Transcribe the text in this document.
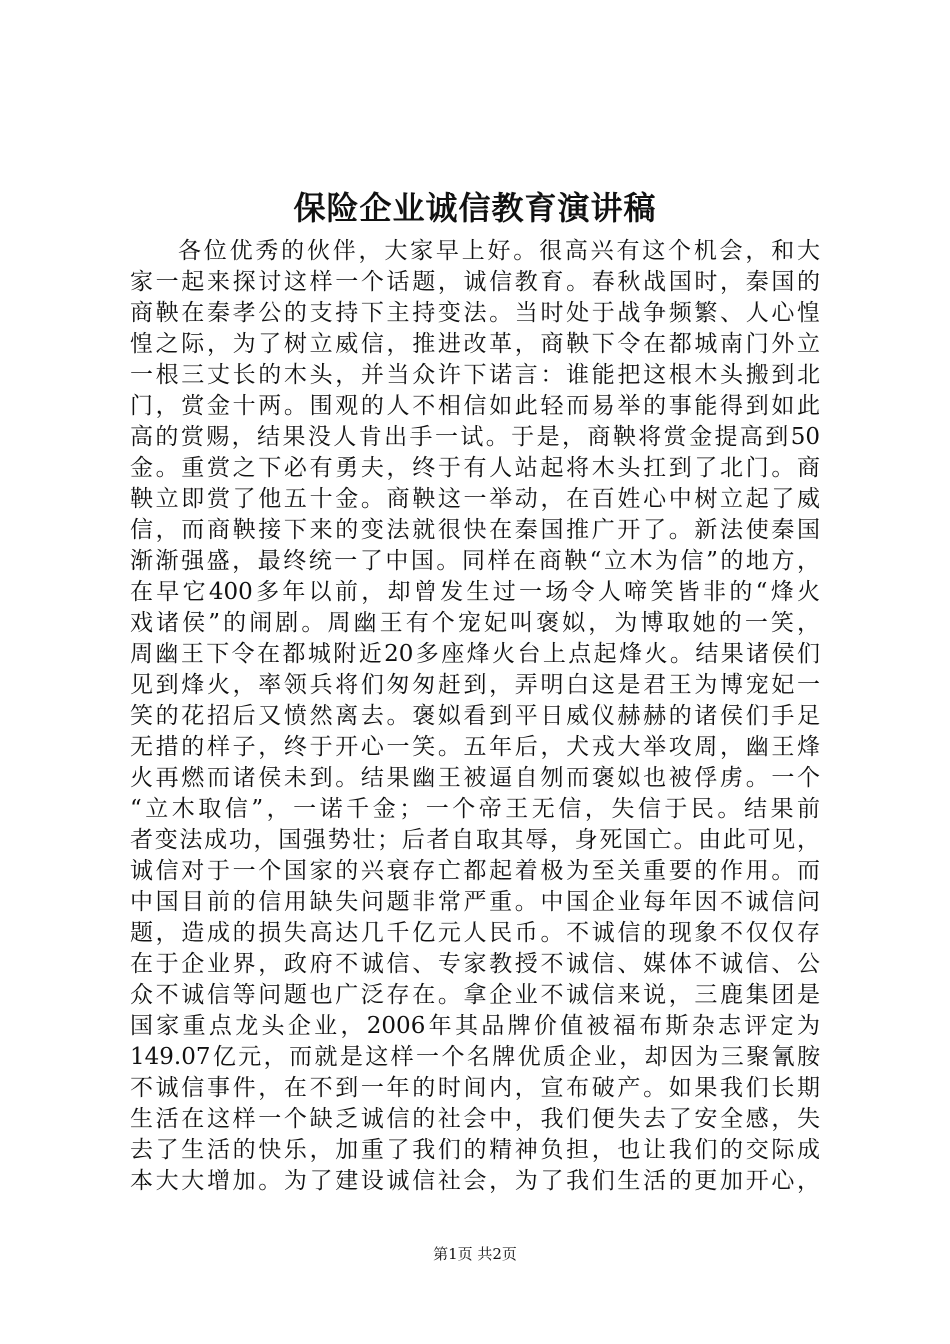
保险企业诚信教育演讲稿
各位优秀的伙伴，大家早上好。很高兴有这个机会，和大
家一起来探讨这样一个话题，诚信教育。春秋战国时，秦国的
商鞅在秦孝公的支持下主持变法。当时处于战争频繁、人心惶
惶之际，为了树立威信，推进改革，商鞅下令在都城南门外立
一根三丈长的木头，并当众许下诺言：谁能把这根木头搬到北
门，赏金十两。围观的人不相信如此轻而易举的事能得到如此
高的赏赐，结果没人肯出手一试。于是，商鞅将赏金提高到50
金。重赏之下必有勇夫，终于有人站起将木头扛到了北门。商
鞅立即赏了他五十金。商鞅这一举动，在百姓心中树立起了威
信，而商鞅接下来的变法就很快在秦国推广开了。新法使秦国
渐渐强盛，最终统一了中国。同样在商鞅“立木为信”的地方，
在早它400多年以前，却曾发生过一场令人啼笑皆非的“烽火
戏诸侯”的闹剧。周幽王有个宠妃叫褒姒，为博取她的一笑，
周幽王下令在都城附近20多座烽火台上点起烽火。结果诸侯们
见到烽火，率领兵将们匆匆赶到，弄明白这是君王为博宠妃一
笑的花招后又愤然离去。褒姒看到平日威仪赫赫的诸侯们手足
无措的样子，终于开心一笑。五年后，犬戎大举攻周，幽王烽
火再燃而诸侯未到。结果幽王被逼自刎而褒姒也被俘虏。一个
“立木取信”，一诺千金；一个帝王无信，失信于民。结果前
者变法成功，国强势壮；后者自取其辱，身死国亡。由此可见，
诚信对于一个国家的兴衰存亡都起着极为至关重要的作用。而
中国目前的信用缺失问题非常严重。中国企业每年因不诚信问
题，造成的损失高达几千亿元人民币。不诚信的现象不仅仅存
在于企业界，政府不诚信、专家教授不诚信、媒体不诚信、公
众不诚信等问题也广泛存在。拿企业不诚信来说，三鹿集团是
国家重点龙头企业，2006年其品牌价值被福布斯杂志评定为
149.07亿元，而就是这样一个名牌优质企业，却因为三聚氰胺
不诚信事件，在不到一年的时间内，宣布破产。如果我们长期
生活在这样一个缺乏诚信的社会中，我们便失去了安全感，失
去了生活的快乐，加重了我们的精神负担，也让我们的交际成
本大大增加。为了建设诚信社会，为了我们生活的更加开心，
第1页 共2页
